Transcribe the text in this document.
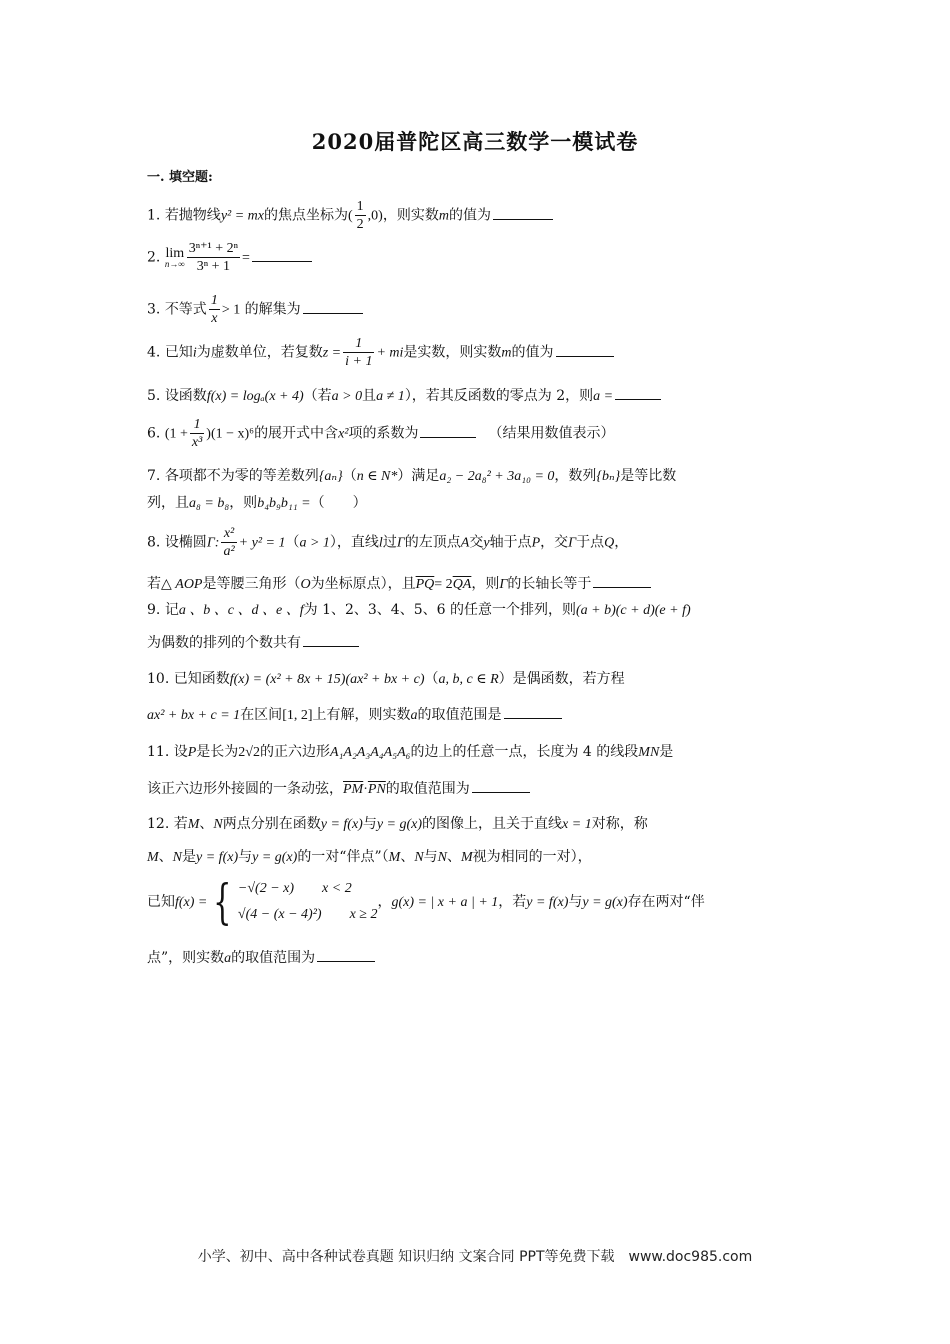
2020届普陀区高三数学一模试卷
一. 填空题:
1. 若抛物线y² = mx的焦点坐标为( $\frac{1}{2} ,0$)，则实数m的值为
2. lim
$n\to\infty \frac{\text{3ⁿ⁺¹ + 2ⁿ}}{\text{3ⁿ + 1}}$ =
3. 不等式 $\frac{1}{x} > 1$ 的解集为
4. 已知i为虚数单位，若复数$z = \frac{1}{i + 1}$ + mi是实数，则实数m的值为
5. 设函数f(x) = logₐ(x + 4)（若a > 0且a ≠ 1），若其反函数的零点为 2，则a =
6. $(1 + \frac{1}{\text{x³}} )(1 - x)^6$的展开式中含x²项的系数为	（结果用数值表示）
7. 各项都不为零的等差数列{aₙ}（n ∈ N*）满足a₂ − 2a₈² + 3a₁₀ = 0，数列{bₙ}是等比数
列，且a₈ = b₈，则b₄b₉b₁₁ =（　　）
8. 设椭圆Γ: $\frac{\text{x²}}{\text{a²}} + y^2 = 1(a > 1)$，直线l过Γ的左顶点A交y轴于点P，交Γ于点Q，
若△ AOP是等腰三角形（O为坐标原点），且$\overline{PQ}= 2\overline{QA}$，则Γ的长轴长等于
9. 记a 、b 、c 、d 、e 、f为 1、2、3、4、5、6 的任意一个排列，则(a + b)(c + d)(e + f)
为偶数的排列的个数共有
10. 已知函数f(x) = (x² + 8x + 15)(ax² + bx + c)（a, b, c ∈ R）是偶函数，若方程
ax² + bx + c = 1在区间[1, 2]上有解，则实数a的取值范围是
11. 设P是长为2√2的正六边形A₁A₂A₃A₄A₅A₆的边上的任意一点，长度为 4 的线段MN是
该正六边形外接圆的一条动弦，$\overline{PM}\cdot\overline{PN}$的取值范围为
12. 若M、N两点分别在函数y = f(x)与y = g(x)的图像上，且关于直线x = 1对称，称
M、N是y = f(x)与y = g(x)的一对“伴点”（M、N与N、M视为相同的一对），
已知f(x) = { −√(2 − x) x < 2
√(4 − (x − 4)²) x ≥ 2
，g(x) = | x + a | + 1，若y = f(x)与y = g(x)存在两对“伴
点”，则实数a的取值范围为
小学、初中、高中各种试卷真题 知识归纳 文案合同 PPT等免费下载　www.doc985.com
